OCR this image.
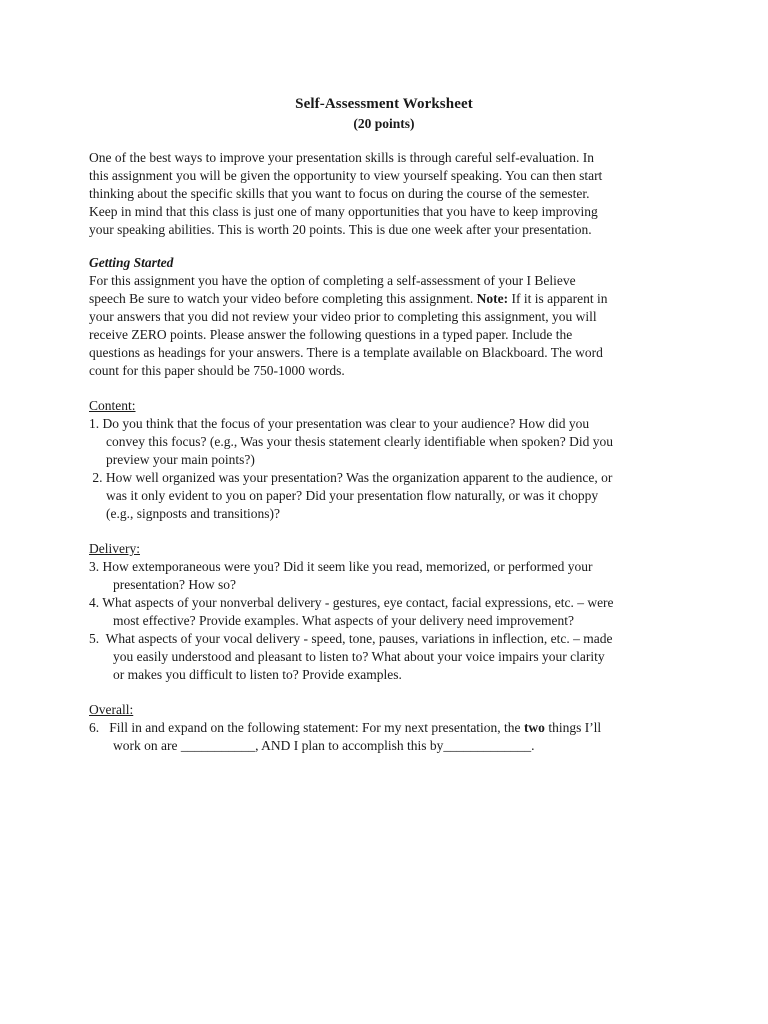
Self-Assessment Worksheet
(20 points)

One of the best ways to improve your presentation skills is through careful self-evaluation. In

this assignment you will be given the opportunity to view yourself speaking. You can then start

thinking about the specific skills that you want to focus on during the course of the semester.

Keep in mind that this class is just one of many opportunities that you have to keep improving

your speaking abilities. This is worth 20 points. This is due one week after your presentation.

Getting Started

For this assignment you have the option of completing a self-assessment of your I Believe

speech Be sure to watch your video before completing this assignment. Note: If it is apparent in

your answers that you did not review your video prior to completing this assignment, you will

receive ZERO points. Please answer the following questions in a typed paper. Include the

questions as headings for your answers. There is a template available on Blackboard. The word

count for this paper should be 750-1000 words.

Content:
1. Do you think that the focus of your presentation was clear to your audience? How did you
convey this focus? (e.g., Was your thesis statement clearly identifiable when spoken? Did you
preview your main points?)
2. How well organized was your presentation? Was the organization apparent to the audience, or
was it only evident to you on paper? Did your presentation flow naturally, or was it choppy
(e.g., signposts and transitions)?
Delivery:
3. How extemporaneous were you? Did it seem like you read, memorized, or performed your
presentation? How so?
4. What aspects of your nonverbal delivery - gestures, eye contact, facial expressions, etc. – were
most effective? Provide examples. What aspects of your delivery need improvement?
5.  What aspects of your vocal delivery - speed, tone, pauses, variations in inflection, etc. – made
you easily understood and pleasant to listen to? What about your voice impairs your clarity
or makes you difficult to listen to? Provide examples.
Overall:
6.   Fill in and expand on the following statement: For my next presentation, the two things I’ll
work on are ___________, AND I plan to accomplish this by_____________.
